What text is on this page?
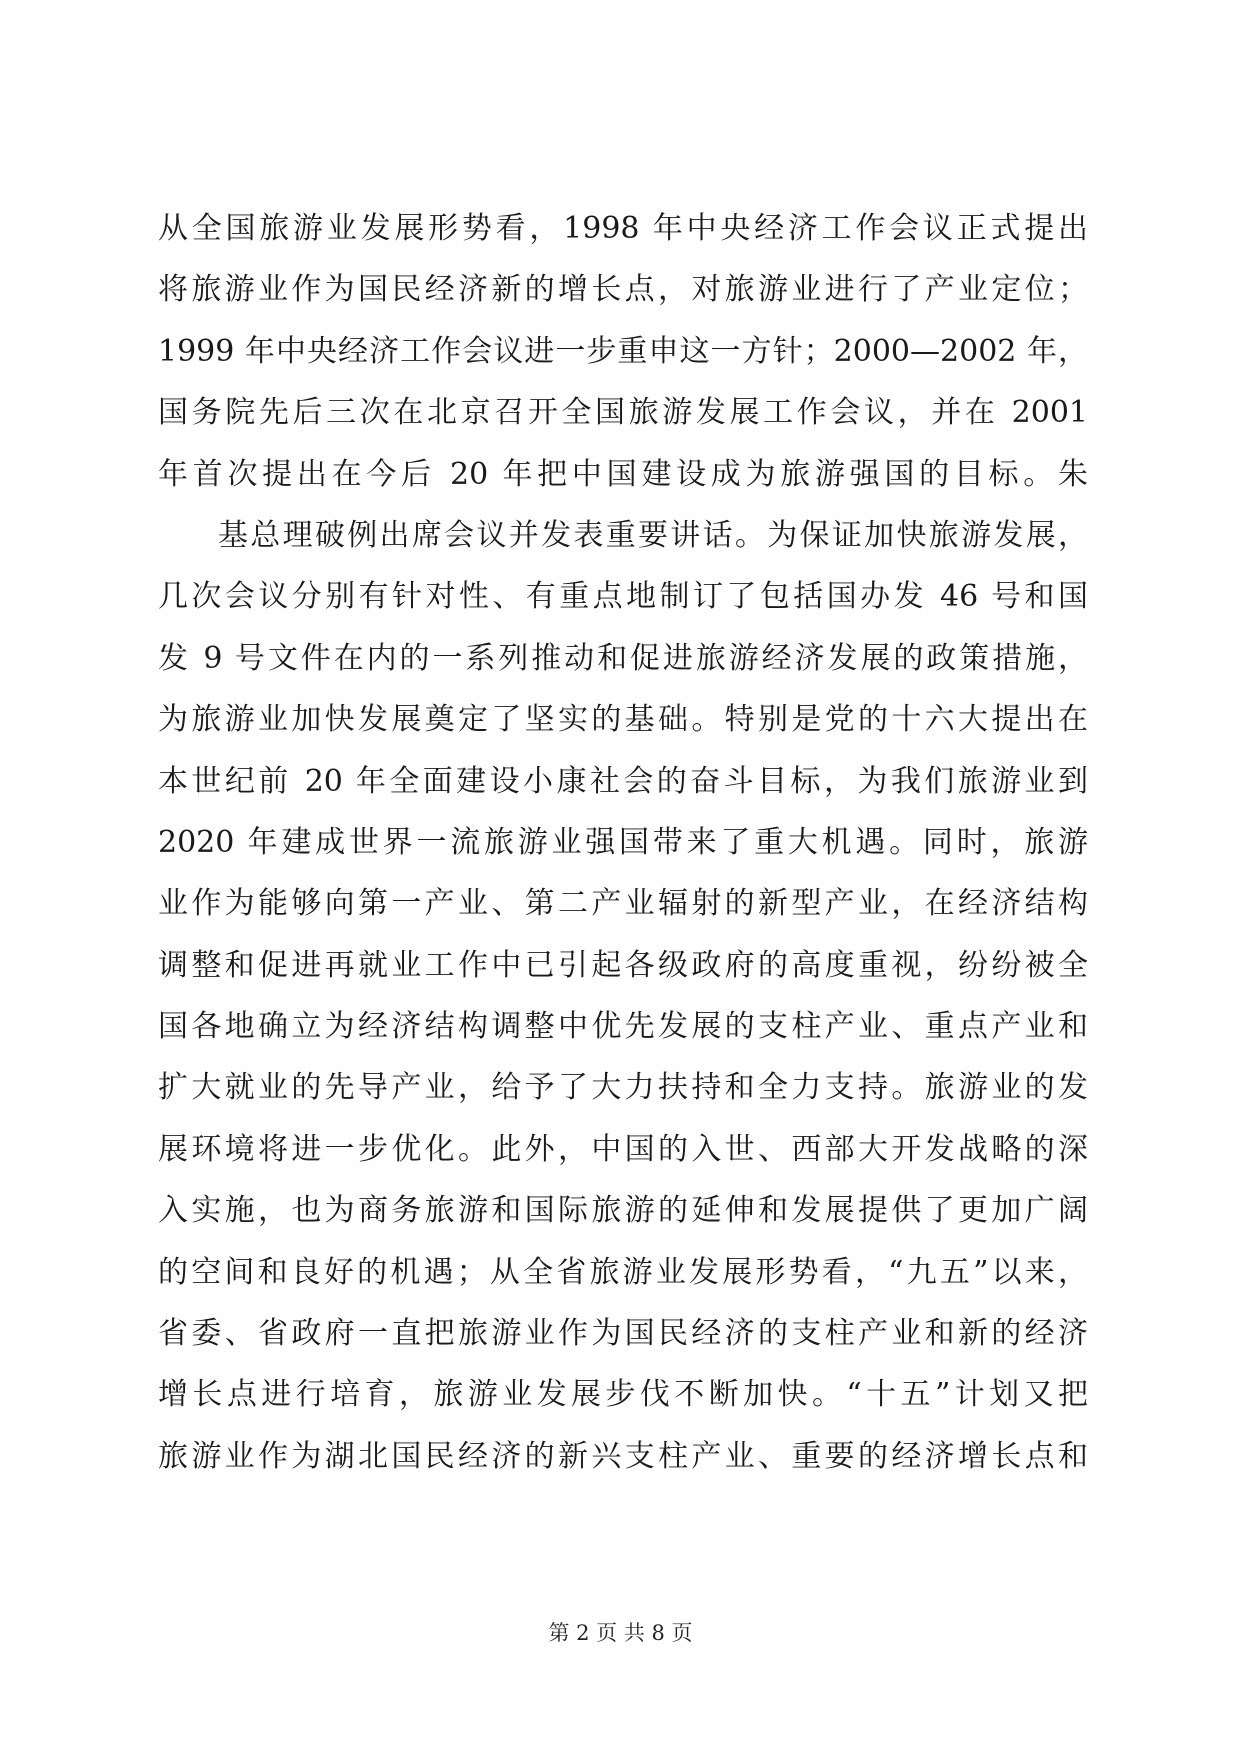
从全国旅游业发展形势看，1998 年中央经济工作会议正式提出
将旅游业作为国民经济新的增长点，对旅游业进行了产业定位；
1999 年中央经济工作会议进一步重申这一方针；2000—2002 年，
国务院先后三次在北京召开全国旅游发展工作会议，并在 2001
年首次提出在今后 20 年把中国建设成为旅游强国的目标。朱
基总理破例出席会议并发表重要讲话。为保证加快旅游发展，
几次会议分别有针对性、有重点地制订了包括国办发 46 号和国
发 9 号文件在内的一系列推动和促进旅游经济发展的政策措施，
为旅游业加快发展奠定了坚实的基础。特别是党的十六大提出在
本世纪前 20 年全面建设小康社会的奋斗目标，为我们旅游业到
2020 年建成世界一流旅游业强国带来了重大机遇。同时，旅游
业作为能够向第一产业、第二产业辐射的新型产业，在经济结构
调整和促进再就业工作中已引起各级政府的高度重视，纷纷被全
国各地确立为经济结构调整中优先发展的支柱产业、重点产业和
扩大就业的先导产业，给予了大力扶持和全力支持。旅游业的发
展环境将进一步优化。此外，中国的入世、西部大开发战略的深
入实施，也为商务旅游和国际旅游的延伸和发展提供了更加广阔
的空间和良好的机遇；从全省旅游业发展形势看，“九五”以来，
省委、省政府一直把旅游业作为国民经济的支柱产业和新的经济
增长点进行培育，旅游业发展步伐不断加快。“十五”计划又把
旅游业作为湖北国民经济的新兴支柱产业、重要的经济增长点和
第 2 页 共 8 页
